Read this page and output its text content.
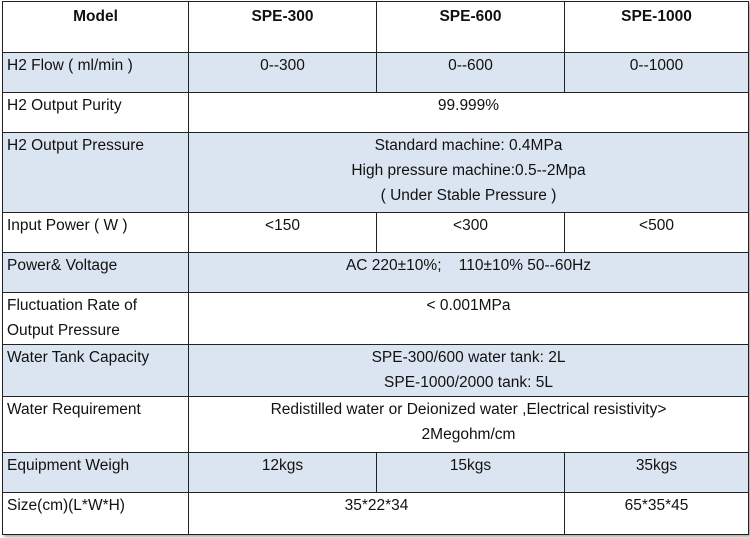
Model	SPE-300	SPE-600	SPE-1000
H2 Flow ( ml/min )	0--300	0--600	0--1000
H2 Output Purity	99.999%		
H2 Output Pressure	Standard machine: 0.4MPa
High pressure machine:0.5--2Mpa
( Under Stable Pressure )		

Input Power ( W )	<150	<300	<500
Power& Voltage	AC 220±10%;    110±10% 50--60Hz		

Fluctuation Rate of
Output Pressure	< 0.001MPa		
Water Tank Capacity	SPE-300/600 water tank: 2L
SPE-1000/2000 tank: 5L		

Water Requirement	Redistilled water or Deionized water ,Electrical resistivity>
2Megohm/cm		

Equipment Weigh	12kgs	15kgs	35kgs
Size(cm)(L*W*H)	35*22*34		65*35*45
